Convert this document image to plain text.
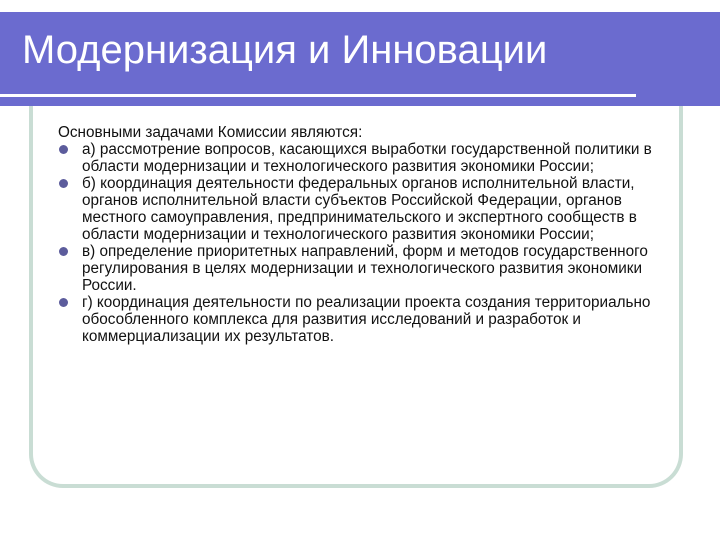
Модернизация и Инновации

Основными задачами Комиссии являются:

а) рассмотрение вопросов, касающихся выработки государственной политики в области модернизации и технологического развития экономики России;
б) координация деятельности федеральных органов исполнительной власти, органов исполнительной власти субъектов Российской Федерации, органов местного самоуправления, предпринимательского и экспертного сообществ в области модернизации и технологического развития экономики России;
в) определение приоритетных направлений, форм и методов государственного регулирования в целях модернизации и технологического развития экономики России.
г) координация деятельности по реализации проекта создания территориально обособленного комплекса для развития исследований и разработок и коммерциализации их результатов.
